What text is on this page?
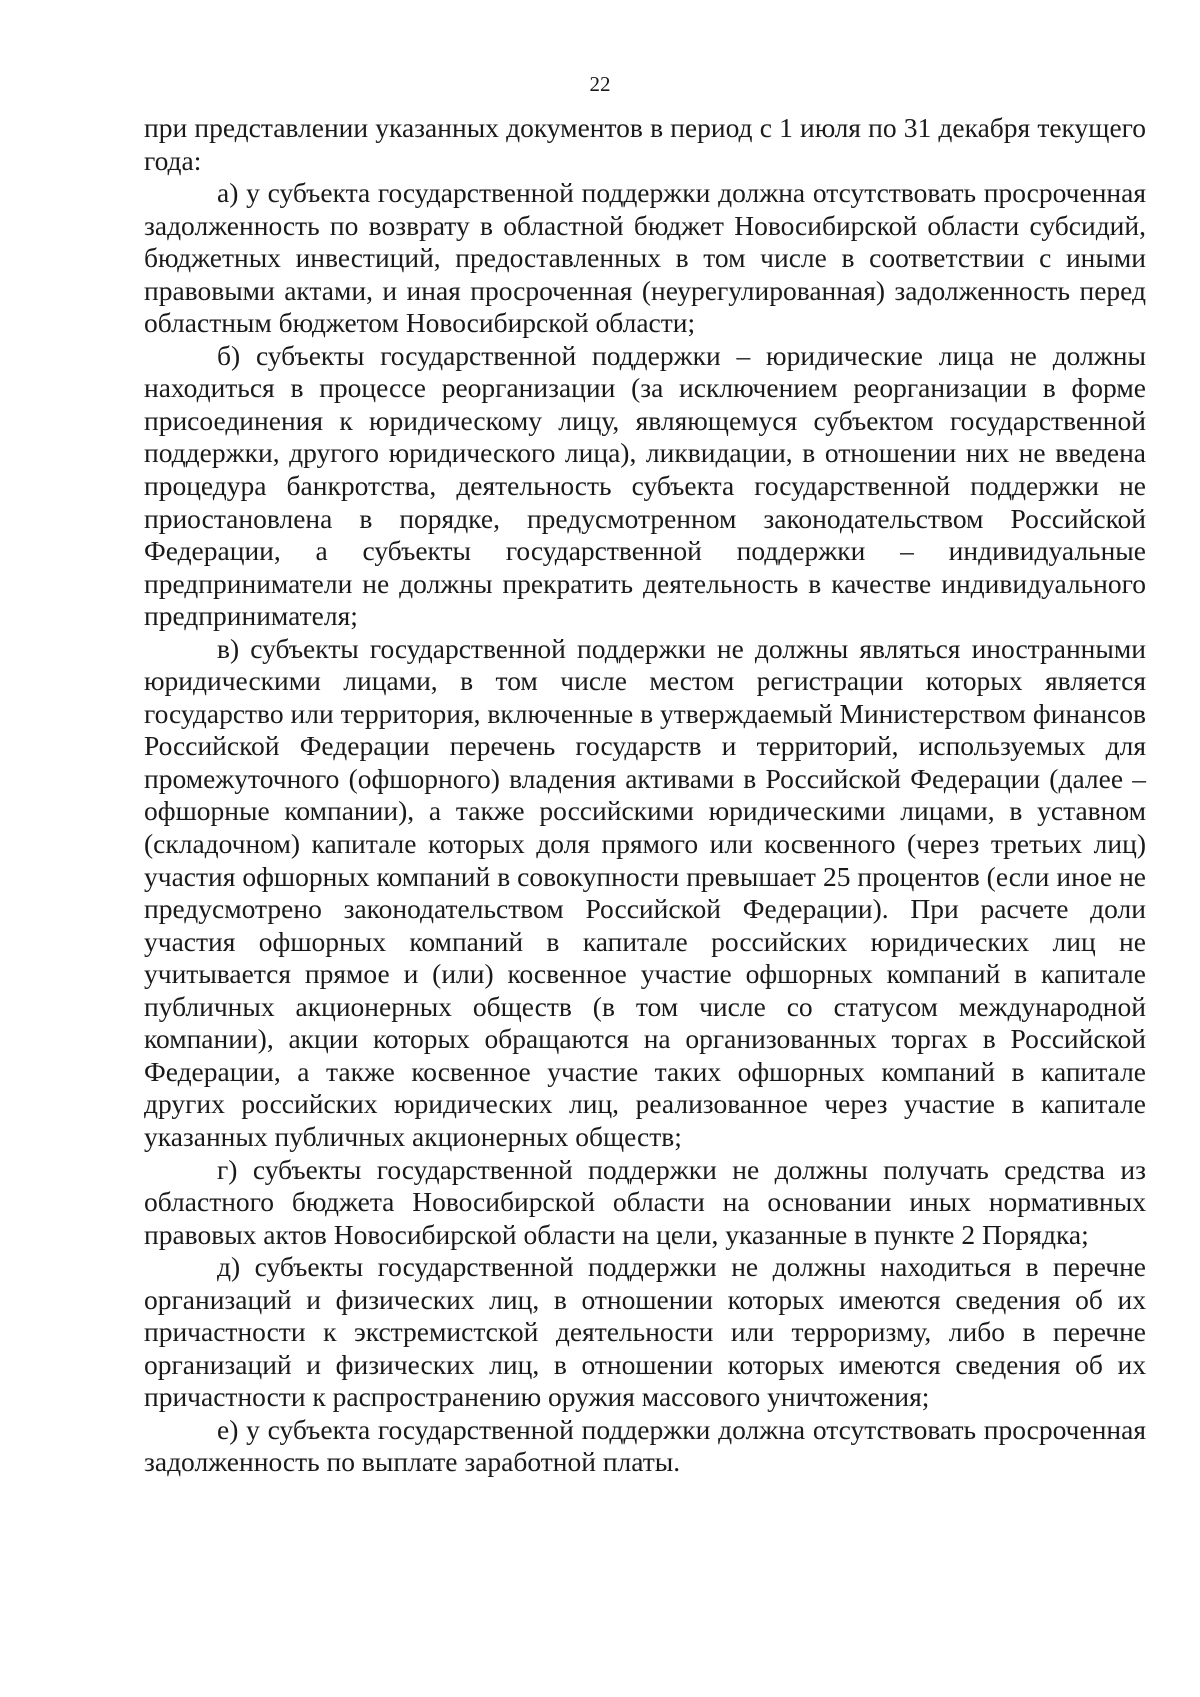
22

при представлении указанных документов в период с 1 июля по 31 декабря текущего года:

а) у субъекта государственной поддержки должна отсутствовать просроченная задолженность по возврату в областной бюджет Новосибирской области субсидий, бюджетных инвестиций, предоставленных в том числе в соответствии с иными правовыми актами, и иная просроченная (неурегулированная) задолженность перед областным бюджетом Новосибирской области;

б) субъекты государственной поддержки – юридические лица не должны находиться в процессе реорганизации (за исключением реорганизации в форме присоединения к юридическому лицу, являющемуся субъектом государственной поддержки, другого юридического лица), ликвидации, в отношении них не введена процедура банкротства, деятельность субъекта государственной поддержки не приостановлена в порядке, предусмотренном законодательством Российской Федерации, а субъекты государственной поддержки – индивидуальные предприниматели не должны прекратить деятельность в качестве индивидуального предпринимателя;

в) субъекты государственной поддержки не должны являться иностранными юридическими лицами, в том числе местом регистрации которых является государство или территория, включенные в утверждаемый Министерством финансов Российской Федерации перечень государств и территорий, используемых для промежуточного (офшорного) владения активами в Российской Федерации (далее – офшорные компании), а также российскими юридическими лицами, в уставном (складочном) капитале которых доля прямого или косвенного (через третьих лиц) участия офшорных компаний в совокупности превышает 25 процентов (если иное не предусмотрено законодательством Российской Федерации). При расчете доли участия офшорных компаний в капитале российских юридических лиц не учитывается прямое и (или) косвенное участие офшорных компаний в капитале публичных акционерных обществ (в том числе со статусом международной компании), акции которых обращаются на организованных торгах в Российской Федерации, а также косвенное участие таких офшорных компаний в капитале других российских юридических лиц, реализованное через участие в капитале указанных публичных акционерных обществ;

г) субъекты государственной поддержки не должны получать средства из областного бюджета Новосибирской области на основании иных нормативных правовых актов Новосибирской области на цели, указанные в пункте 2 Порядка;

д) субъекты государственной поддержки не должны находиться в перечне организаций и физических лиц, в отношении которых имеются сведения об их причастности к экстремистской деятельности или терроризму, либо в перечне организаций и физических лиц, в отношении которых имеются сведения об их причастности к распространению оружия массового уничтожения;

е) у субъекта государственной поддержки должна отсутствовать просроченная задолженность по выплате заработной платы.
